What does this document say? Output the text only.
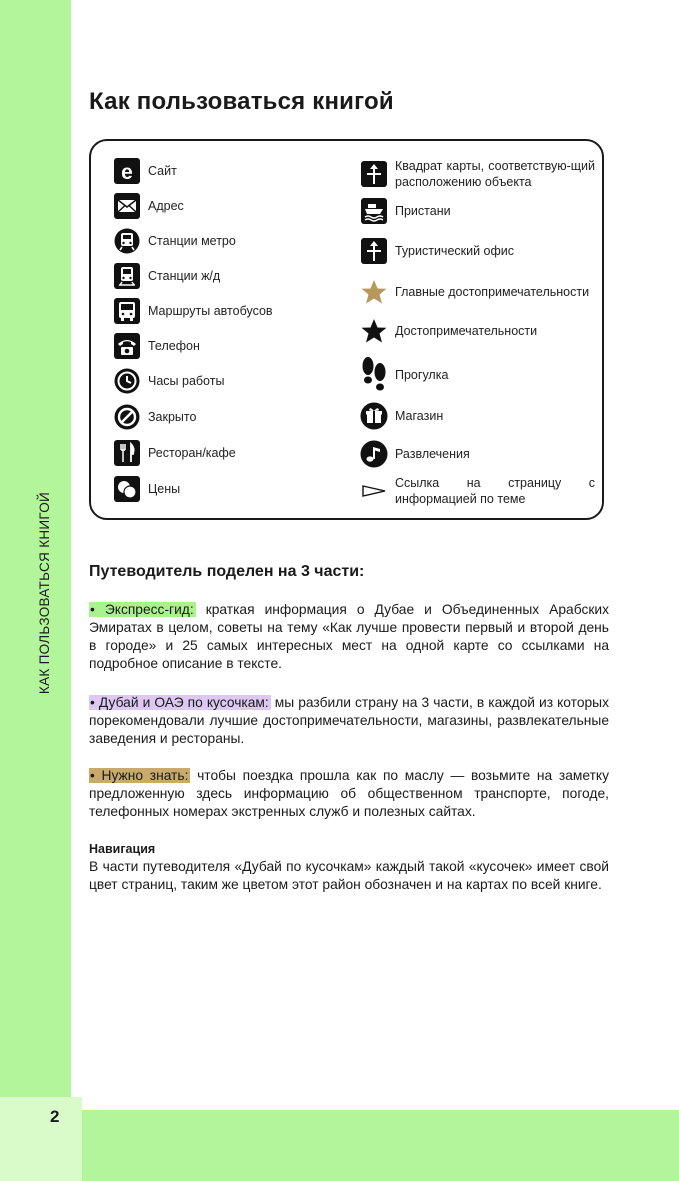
КАК ПОЛЬЗОВАТЬСЯ КНИГОЙ
2
Как пользоваться книгой
e Сайт
Адрес
Станции метро
Станции ж/д
Маршруты автобусов
Телефон
Часы работы
Закрыто
Ресторан/кафе
Цены
Квадрат карты, соответствую-щий расположению объекта
Пристани
Туристический офис
Главные достопримечательности
Достопримечательности
Прогулка
Магазин
Развлечения
Ссылка на страницу с информацией по теме
Путеводитель поделен на 3 части:
• Экспресс-гид: краткая информация о Дубае и Объединенных Арабских Эмиратах в целом, советы на тему «Как лучше провести первый и второй день в городе» и 25 самых интересных мест на одной карте со ссылками на подробное описание в тексте.
• Дубай и ОАЭ по кусочкам: мы разбили страну на 3 части, в каждой из которых порекомендовали лучшие достопримечательности, магазины, развлекательные заведения и рестораны.
• Нужно знать: чтобы поездка прошла как по маслу — возьмите на заметку предложенную здесь информацию об общественном транспорте, погоде, телефонных номерах экстренных служб и полезных сайтах.
Навигация
В части путеводителя «Дубай по кусочкам» каждый такой «кусочек» имеет свой цвет страниц, таким же цветом этот район обозначен и на картах по всей книге.
